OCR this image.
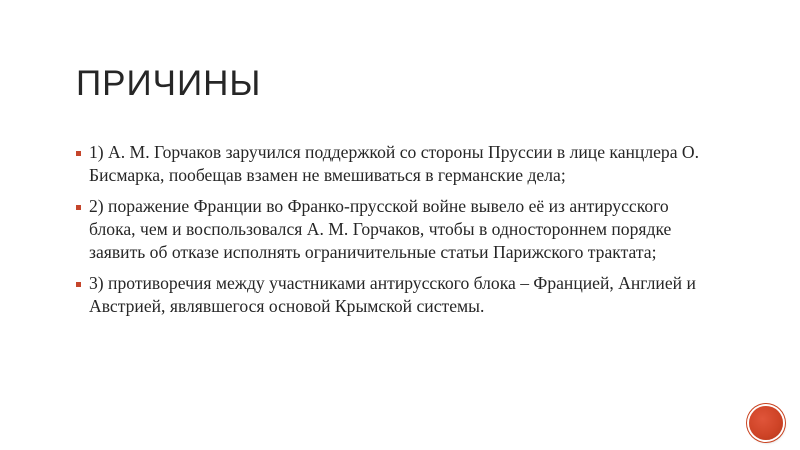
ПРИЧИНЫ
1) А. М. Горчаков заручился поддержкой со стороны Пруссии в лице канцлера О. Бисмарка, пообещав взамен не вмешиваться в германские дела;
2) поражение Франции во Франко-прусской войне вывело её из антирусского блока, чем и воспользовался А. М. Горчаков, чтобы в одностороннем порядке заявить об отказе исполнять ограничительные статьи Парижского трактата;
3) противоречия между участниками антирусского блока – Францией, Англией и Австрией, являвшегося основой Крымской системы.
